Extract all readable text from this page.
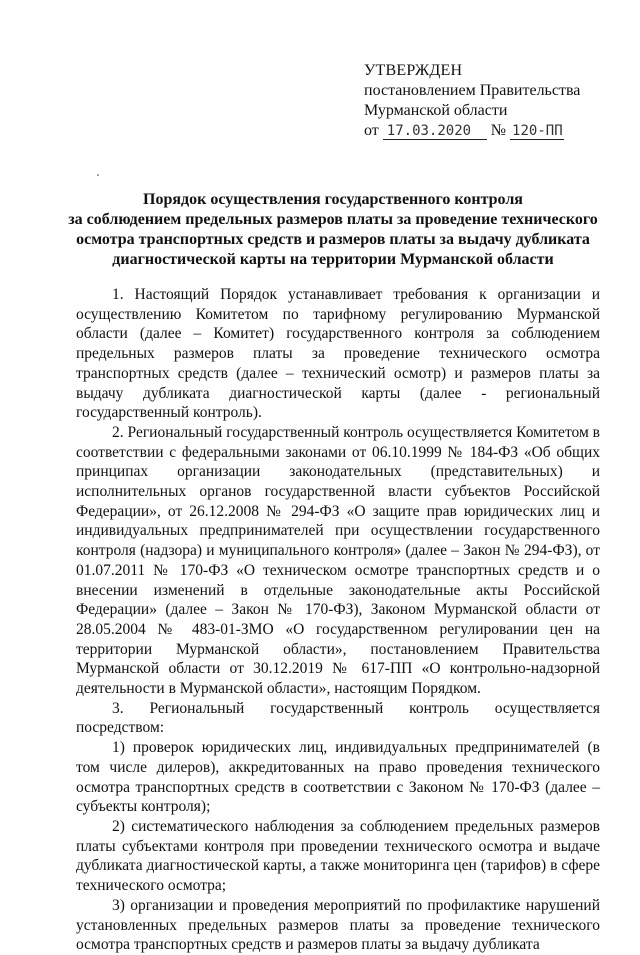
УТВЕРЖДЕН
постановлением Правительства
Мурманской области
от 17.03.2020 № 120-ПП
Порядок осуществления государственного контроля
за соблюдением предельных размеров платы за проведение технического
осмотра транспортных средств и размеров платы за выдачу дубликата
диагностической карты на территории Мурманской области

1. Настоящий Порядок устанавливает требования к организации и осуществлению Комитетом по тарифному регулированию Мурманской области (далее – Комитет) государственного контроля за соблюдением предельных размеров платы за проведение технического осмотра транспортных средств (далее – технический осмотр) и размеров платы за выдачу дубликата диагностической карты (далее - региональный государственный контроль).

2. Региональный государственный контроль осуществляется Комитетом в соответствии с федеральными законами от 06.10.1999 № 184-ФЗ «Об общих принципах организации законодательных (представительных) и исполнительных органов государственной власти субъектов Российской Федерации», от 26.12.2008 № 294-ФЗ «О защите прав юридических лиц и индивидуальных предпринимателей при осуществлении государственного контроля (надзора) и муниципального контроля» (далее – Закон № 294-ФЗ), от 01.07.2011 № 170-ФЗ «О техническом осмотре транспортных средств и о внесении изменений в отдельные законодательные акты Российской Федерации» (далее – Закон № 170-ФЗ), Законом Мурманской области от 28.05.2004 № 483-01-ЗМО «О государственном регулировании цен на территории Мурманской области», постановлением Правительства Мурманской области от 30.12.2019 № 617-ПП «О контрольно-надзорной деятельности в Мурманской области», настоящим Порядком.

3. Региональный государственный контроль осуществляется посредством:

1) проверок юридических лиц, индивидуальных предпринимателей (в том числе дилеров), аккредитованных на право проведения технического осмотра транспортных средств в соответствии с Законом № 170-ФЗ (далее – субъекты контроля);

2) систематического наблюдения за соблюдением предельных размеров платы субъектами контроля при проведении технического осмотра и выдаче дубликата диагностической карты, а также мониторинга цен (тарифов) в сфере технического осмотра;

3) организации и проведения мероприятий по профилактике нарушений установленных предельных размеров платы за проведение технического осмотра транспортных средств и размеров платы за выдачу дубликата
